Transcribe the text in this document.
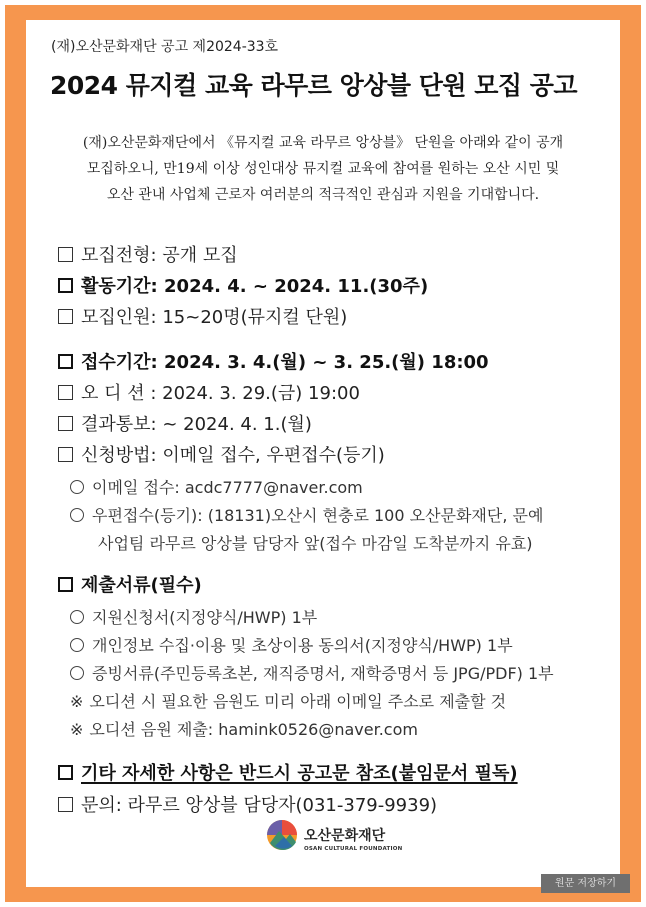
(재)오산문화재단 공고 제2024-33호
2024 뮤지컬 교육 라무르 앙상블 단원 모집 공고
(재)오산문화재단에서 《뮤지컬 교육 라무르 앙상블》 단원을 아래와 같이 공개
모집하오니, 만19세 이상 성인대상 뮤지컬 교육에 참여를 원하는 오산 시민 및
오산 관내 사업체 근로자 여러분의 적극적인 관심과 지원을 기대합니다.
모집전형: 공개 모집
활동기간: 2024. 4. ~ 2024. 11.(30주)
모집인원: 15~20명(뮤지컬 단원)
접수기간: 2024. 3. 4.(월) ~ 3. 25.(월) 18:00
오 디 션 : 2024. 3. 29.(금) 19:00
결과통보: ~ 2024. 4. 1.(월)
신청방법: 이메일 접수, 우편접수(등기)
이메일 접수: acdc7777@naver.com
우편접수(등기): (18131)오산시 현충로 100 오산문화재단, 문예
사업팀 라무르 앙상블 담당자 앞(접수 마감일 도착분까지 유효)
제출서류(필수)
지원신청서(지정양식/HWP) 1부
개인정보 수집·이용 및 초상이용 동의서(지정양식/HWP) 1부
증빙서류(주민등록초본, 재직증명서, 재학증명서 등 JPG/PDF) 1부
※ 오디션 시 필요한 음원도 미리 아래 이메일 주소로 제출할 것
※ 오디션 음원 제출: hamink0526@naver.com
기타 자세한 사항은 반드시 공고문 참조(붙임문서 필독)
문의: 라무르 앙상블 담당자(031-379-9939)
오산문화재단
OSAN CULTURAL FOUNDATION
원문 저장하기
